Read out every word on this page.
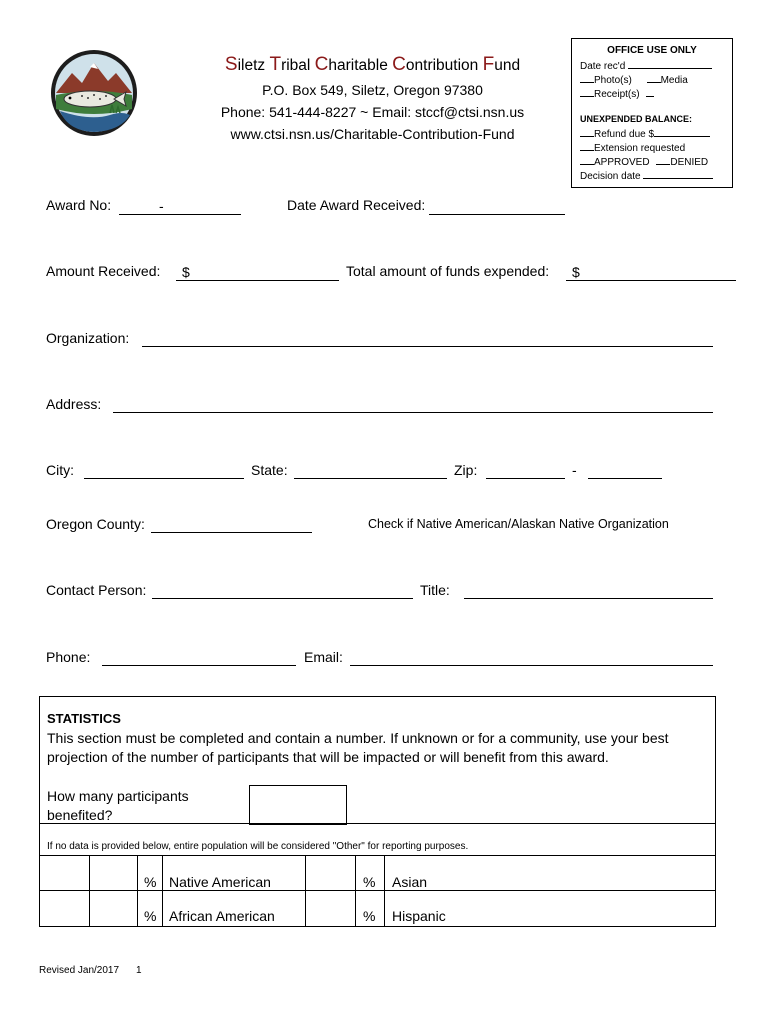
Siletz Tribal Charitable Contribution Fund
P.O. Box 549, Siletz, Oregon 97380
Phone: 541-444-8227 ~ Email: stccf@ctsi.nsn.us
www.ctsi.nsn.us/Charitable-Contribution-Fund
OFFICE USE ONLY
Date rec'd
Photo(s)	Media
Receipt(s)
UNEXPENDED BALANCE:
Refund due $
Extension requested
APPROVED DENIED
Decision date
Award No:	-	Date Award Received:
Amount Received: $	Total amount of funds expended: $
Organization:
Address:
City:	State:	Zip:	-
Oregon County:	Check if Native American/Alaskan Native Organization
Contact Person:	Title:
Phone:	Email:
STATISTICS
This section must be completed and contain a number. If unknown or for a community, use your best projection of the number of participants that will be impacted or will benefit from this award.
How many participants benefited?
If no data is provided below, entire population will be considered "Other" for reporting purposes.
% Native American	% Asian
% African American	% Hispanic
Revised Jan/2017 1
